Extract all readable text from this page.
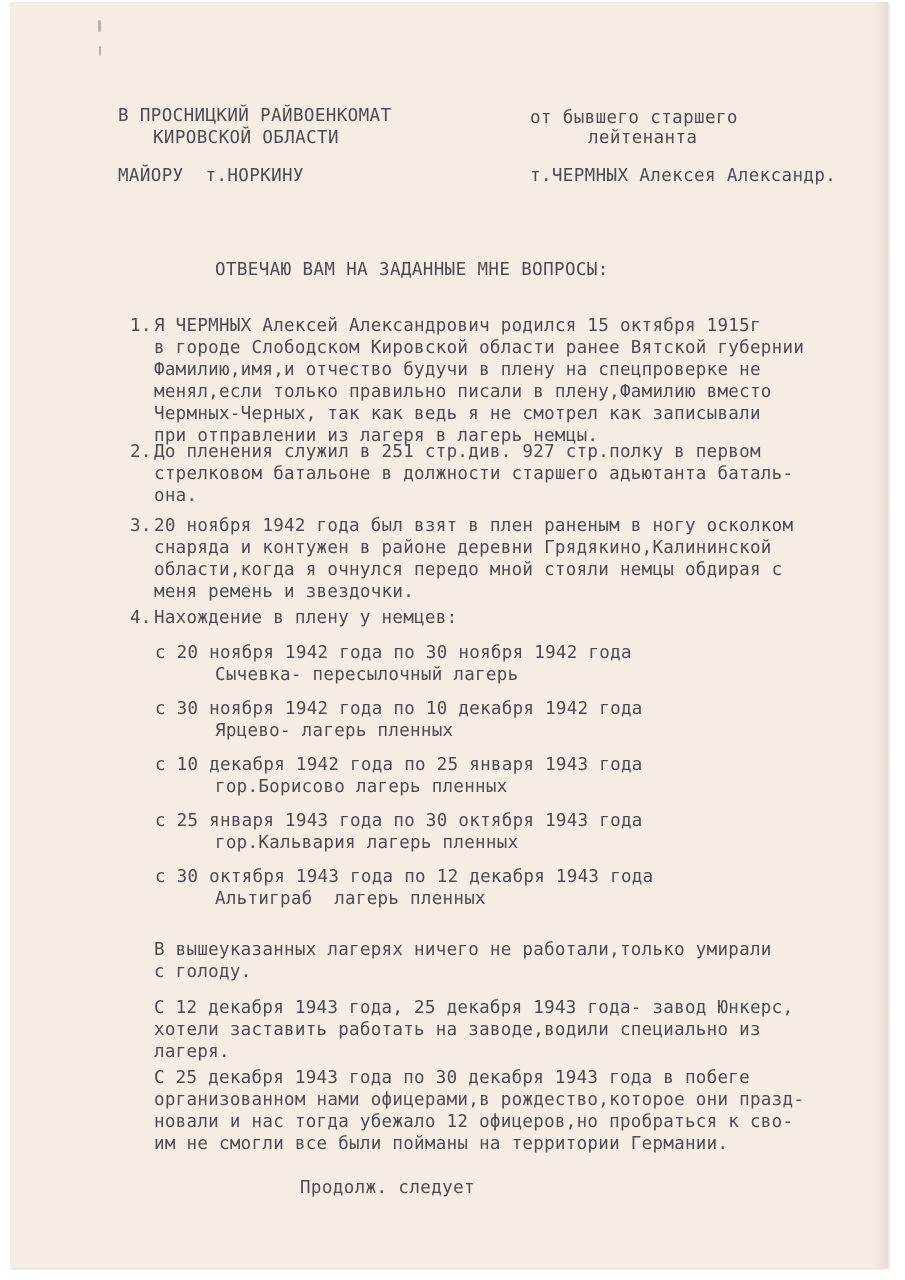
В ПРОСНИЦКИЙ РАЙВОЕНКОМАТ
КИРОВСКОЙ ОБЛАСТИ
МАЙОРУ  т.НОРКИНУ
от бывшего старшего
лейтенанта
т.ЧЕРМНЫХ Алексея Александр.
ОТВЕЧАЮ ВАМ НА ЗАДАННЫЕ МНЕ ВОПРОСЫ:
1. Я ЧЕРМНЫХ Алексей Александрович родился 15 октября 1915г
в городе Слободском Кировской области ранее Вятской губернии
Фамилию,имя,и отчество будучи в плену на спецпроверке не
менял,если только правильно писали в плену,Фамилию вместо
Чермных-Черных, так как ведь я не смотрел как записывали
при отправлении из лагеря в лагерь немцы.
2. До пленения служил в 251 стр.див. 927 стр.полку в первом
стрелковом батальоне в должности старшего адьютанта баталь-
она.
3. 20 ноября 1942 года был взят в плен раненым в ногу осколком
снаряда и контужен в районе деревни Грядякино,Калининской
области,когда я очнулся передо мной стояли немцы обдирая с
меня ремень и звездочки.
4. Нахождение в плену у немцев:
с 20 ноября 1942 года по 30 ноября 1942 года
Сычевка- пересылочный лагерь
с 30 ноября 1942 года по 10 декабря 1942 года
Ярцево- лагерь пленных
с 10 декабря 1942 года по 25 января 1943 года
гор.Борисово лагерь пленных
с 25 января 1943 года по 30 октября 1943 года
гор.Кальвария лагерь пленных
с 30 октября 1943 года по 12 декабря 1943 года
Альтиграб  лагерь пленных
В вышеуказанных лагерях ничего не работали,только умирали
с голоду.
С 12 декабря 1943 года, 25 декабря 1943 года- завод Юнкерс,
хотели заставить работать на заводе,водили специально из
лагеря.
С 25 декабря 1943 года по 30 декабря 1943 года в побеге
организованном нами офицерами,в рождество,которое они празд-
новали и нас тогда убежало 12 офицеров,но пробраться к сво-
им не смогли все были пойманы на территории Германии.
Продолж. следует
